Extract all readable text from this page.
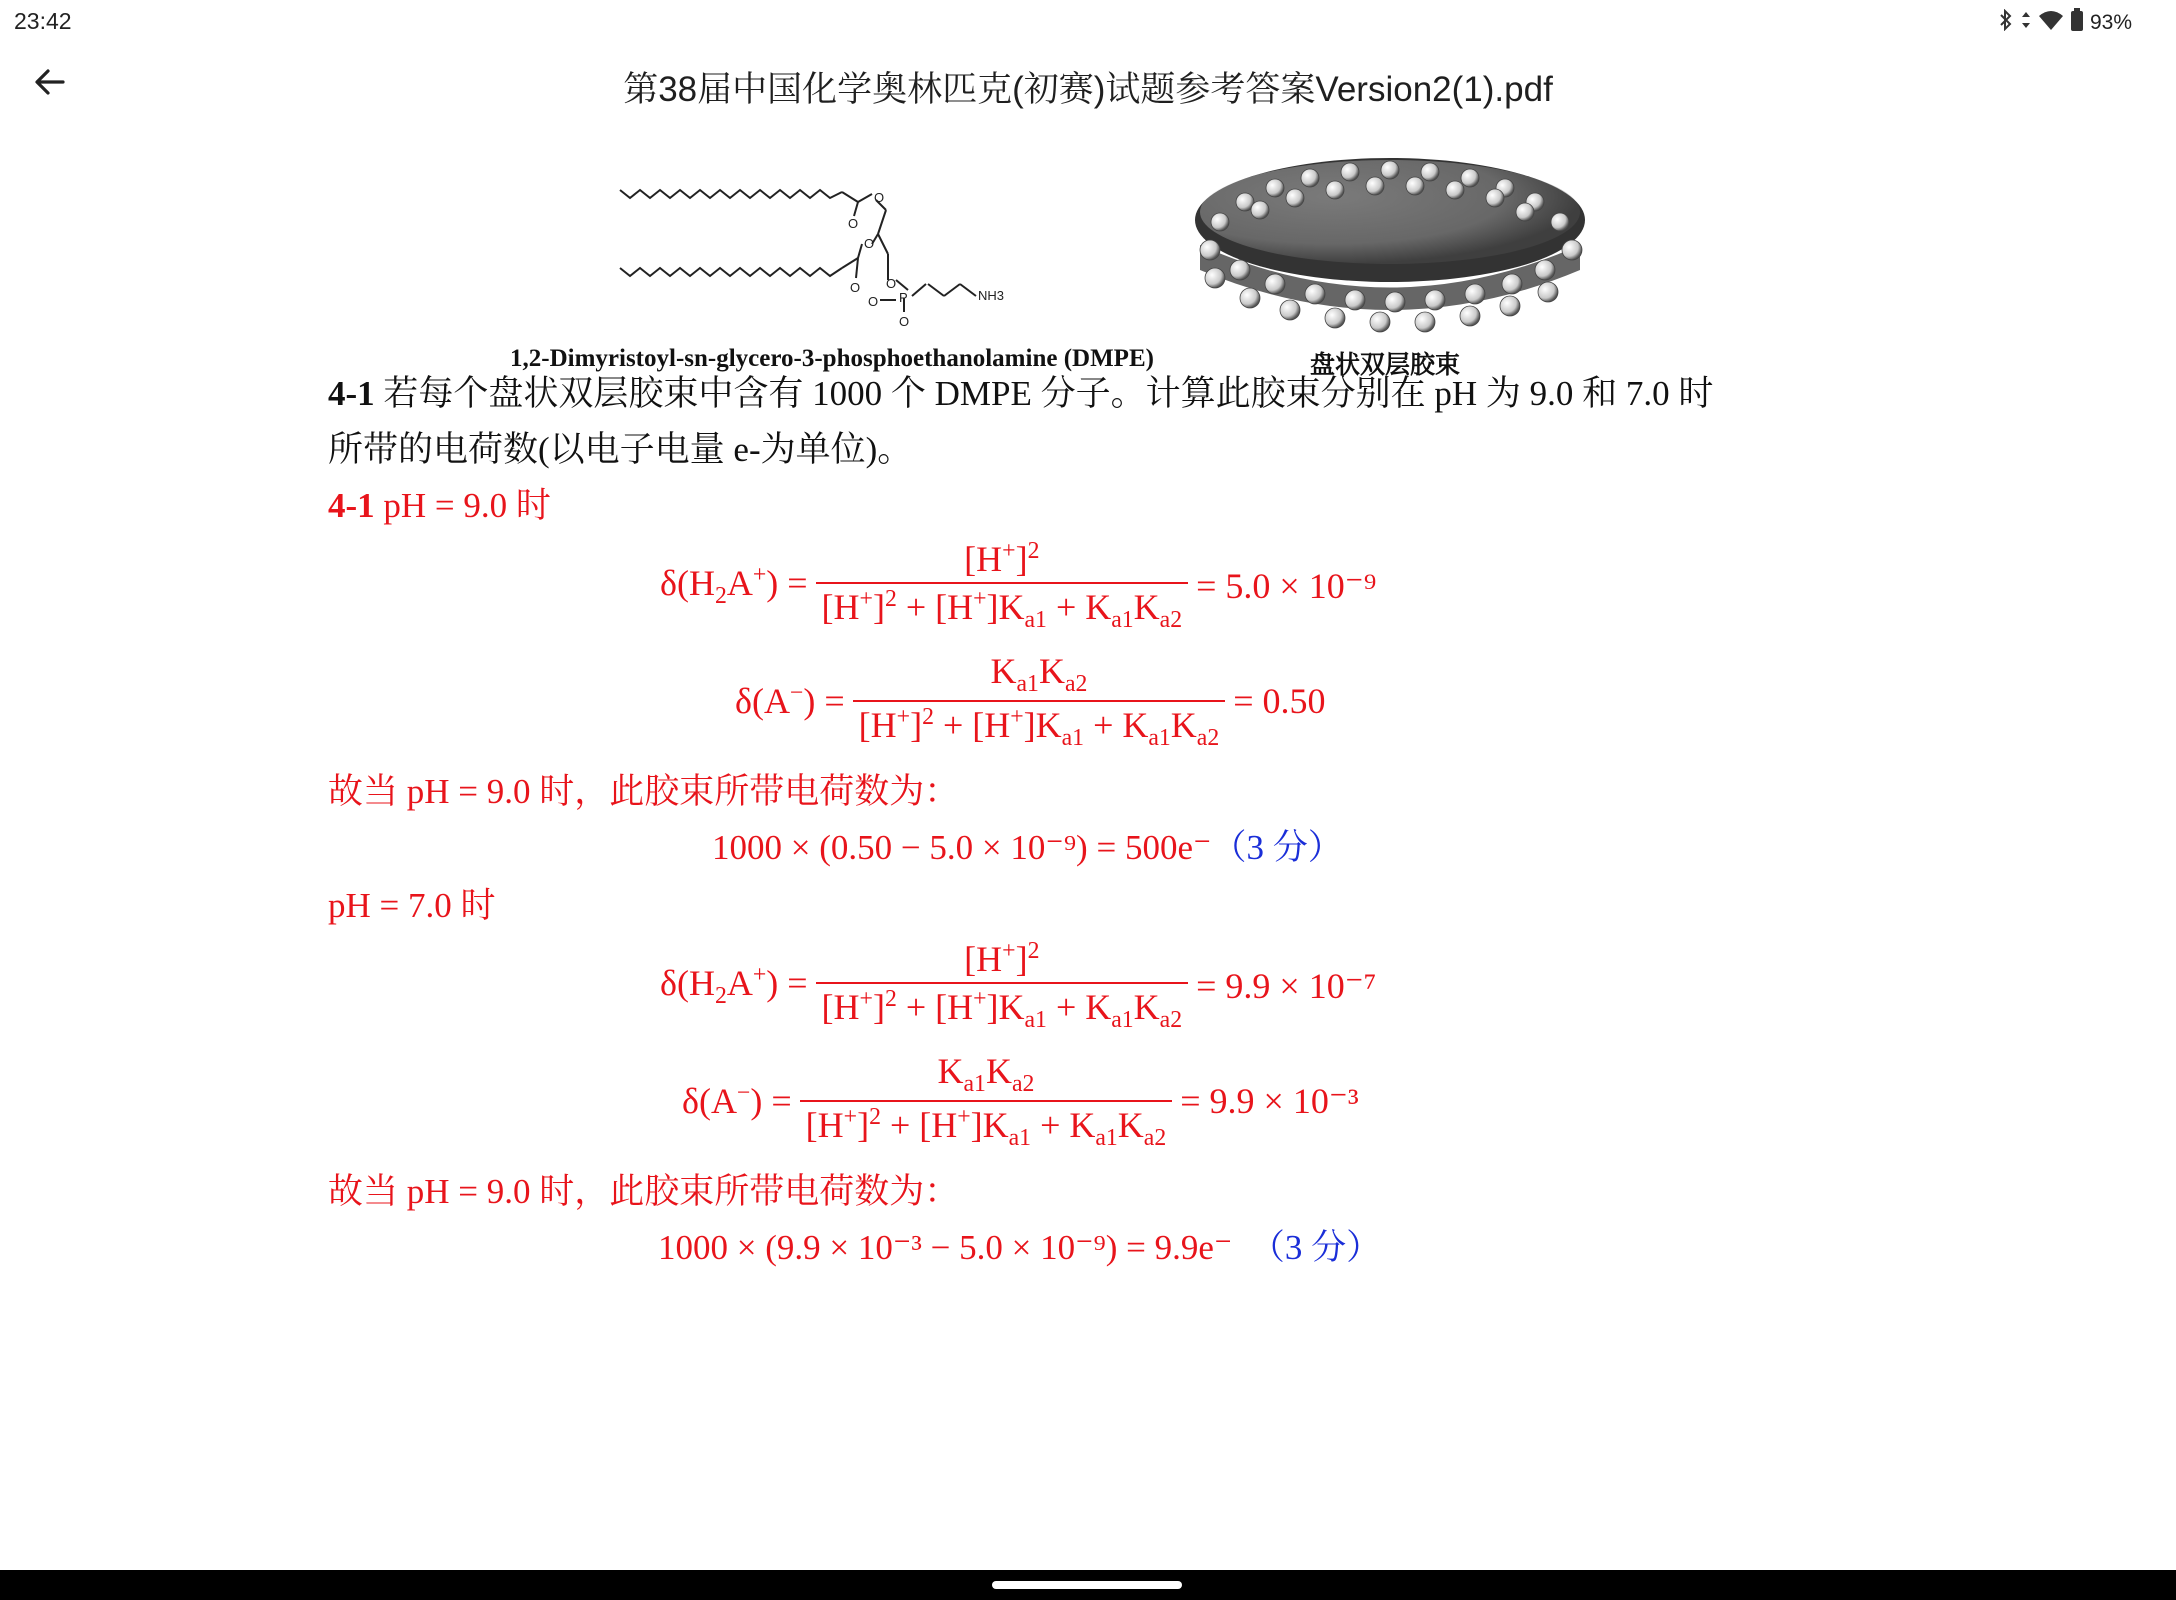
23:42	93%
第38届中国化学奥林匹克(初赛)试题参考答案Version2(1).pdf
O
O
O
O O
P
O
O
NH3
1,2-Dimyristoyl-sn-glycero-3-phosphoethanolamine (DMPE)	盘状双层胶束
4-1 若每个盘状双层胶束中含有 1000 个 DMPE 分子。计算此胶束分别在 pH 为 9.0 和 7.0 时
所带的电荷数(以电子电量 e-为单位)。
4-1 pH = 9.0 时
$\delta(H_2A^+) = \frac{[H^+]^2}{[H^+]^2 + [H^+]K_{a1} + K_{a1}K_{a2}} = 5.0 \times 10^{-9}$
$\delta(A^-) = \frac{K_{a1}K_{a2}}{[H^+]^2 + [H^+]K_{a1} + K_{a1}K_{a2}} = 0.50$
故当 pH = 9.0 时，此胶束所带电荷数为：
1000 × (0.50 − 5.0 × 10⁻⁹) = 500e⁻（3 分）
pH = 7.0 时
$\delta(H_2A^+) = \frac{[H^+]^2}{[H^+]^2 + [H^+]K_{a1} + K_{a1}K_{a2}} = 9.9 \times 10^{-7}$
$\delta(A^-) = \frac{K_{a1}K_{a2}}{[H^+]^2 + [H^+]K_{a1} + K_{a1}K_{a2}} = 9.9 \times 10^{-3}$
故当 pH = 9.0 时，此胶束所带电荷数为：
1000 × (9.9 × 10⁻³ − 5.0 × 10⁻⁹) = 9.9e⁻ （3 分）
